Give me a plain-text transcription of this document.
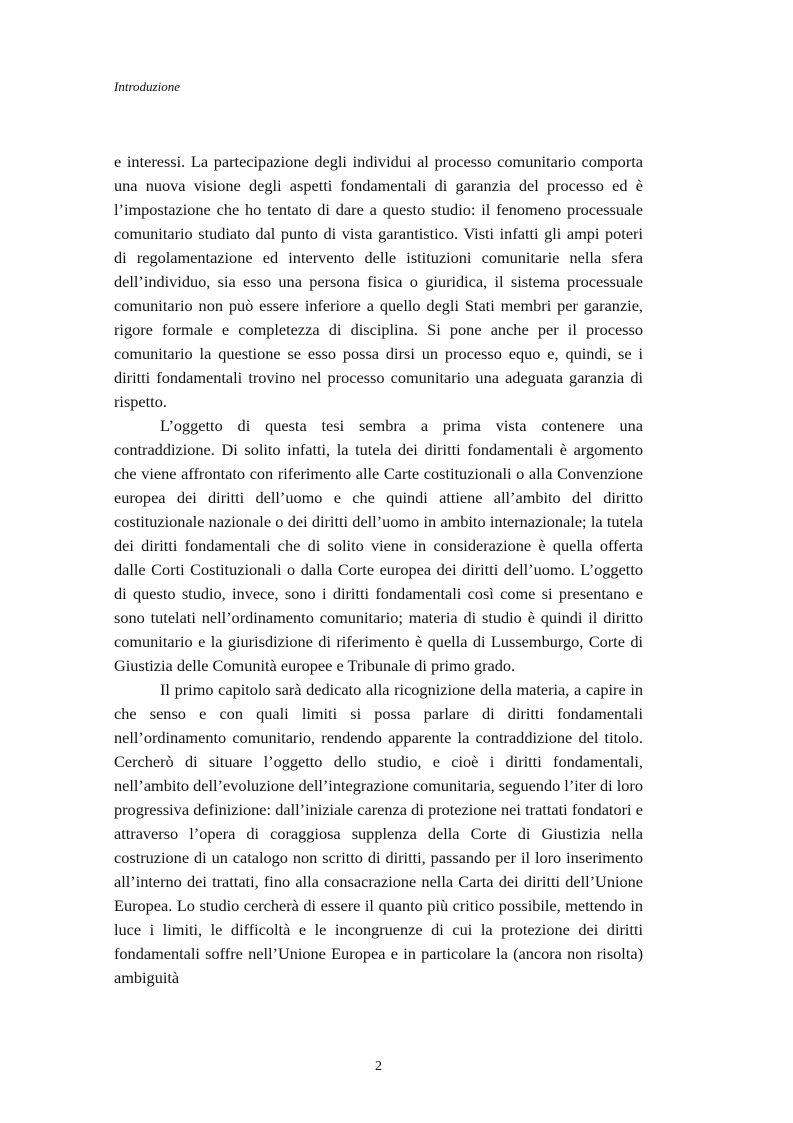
Introduzione

e interessi. La partecipazione degli individui al processo comunitario comporta una nuova visione degli aspetti fondamentali di garanzia del processo ed è l’impostazione che ho tentato di dare a questo studio: il fenomeno processuale comunitario studiato dal punto di vista garantistico. Visti infatti gli ampi poteri di regolamentazione ed intervento delle istituzioni comunitarie nella sfera dell’individuo, sia esso una persona fisica o giuridica, il sistema processuale comunitario non può essere inferiore a quello degli Stati membri per garanzie, rigore formale e completezza di disciplina. Si pone anche per il processo comunitario la questione se esso possa dirsi un processo equo e, quindi, se i diritti fondamentali trovino nel processo comunitario una adeguata garanzia di rispetto.

L’oggetto di questa tesi sembra a prima vista contenere una contraddizione. Di solito infatti, la tutela dei diritti fondamentali è argomento che viene affrontato con riferimento alle Carte costituzionali o alla Convenzione europea dei diritti dell’uomo e che quindi attiene all’ambito del diritto costituzionale nazionale o dei diritti dell’uomo in ambito internazionale; la tutela dei diritti fondamentali che di solito viene in considerazione è quella offerta dalle Corti Costituzionali o dalla Corte europea dei diritti dell’uomo. L’oggetto di questo studio, invece, sono i diritti fondamentali così come si presentano e sono tutelati nell’ordinamento comunitario; materia di studio è quindi il diritto comunitario e la giurisdizione di riferimento è quella di Lussemburgo, Corte di Giustizia delle Comunità europee e Tribunale di primo grado.

Il primo capitolo sarà dedicato alla ricognizione della materia, a capire in che senso e con quali limiti si possa parlare di diritti fondamentali nell’ordinamento comunitario, rendendo apparente la contraddizione del titolo. Cercherò di situare l’oggetto dello studio, e cioè i diritti fondamentali, nell’ambito dell’evoluzione dell’integrazione comunitaria, seguendo l’iter di loro progressiva definizione: dall’iniziale carenza di protezione nei trattati fondatori e attraverso l’opera di coraggiosa supplenza della Corte di Giustizia nella costruzione di un catalogo non scritto di diritti, passando per il loro inserimento all’interno dei trattati, fino alla consacrazione nella Carta dei diritti dell’Unione Europea. Lo studio cercherà di essere il quanto più critico possibile, mettendo in luce i limiti, le difficoltà e le incongruenze di cui la protezione dei diritti fondamentali soffre nell’Unione Europea e in particolare la (ancora non risolta) ambiguità

2
